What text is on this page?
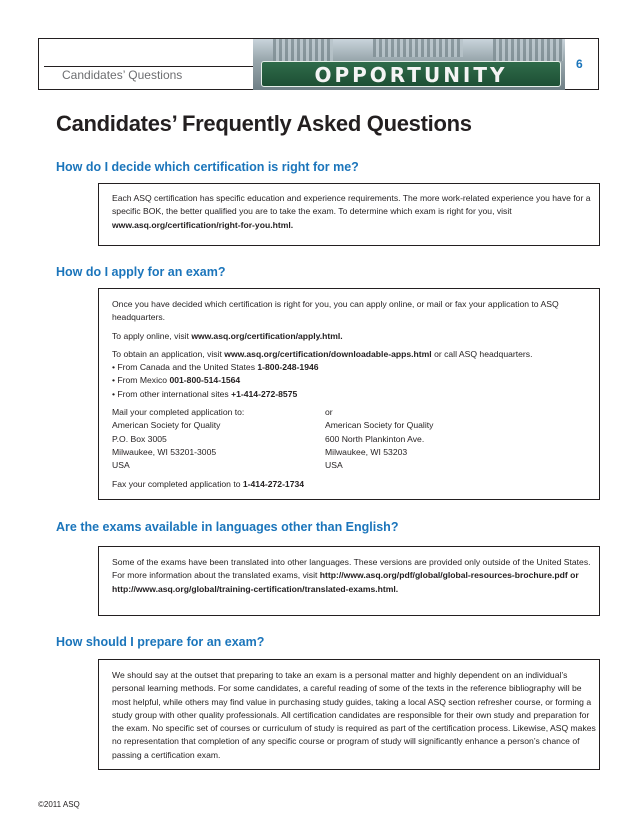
Candidates’ Questions	OPPORTUNITY	6
Candidates’ Frequently Asked Questions
How do I decide which certification is right for me?

Each ASQ certification has specific education and experience requirements. The more work-related experience you have for a specific BOK, the better qualified you are to take the exam. To determine which exam is right for you, visit www.asq.org/certification/right-for-you.html.

How do I apply for an exam?

Once you have decided which certification is right for you, you can apply online, or mail or fax your application to ASQ headquarters.

To apply online, visit www.asq.org/certification/apply.html.

To obtain an application, visit www.asq.org/certification/downloadable-apps.html or call ASQ headquarters.

• From Canada and the United States 1-800-248-1946
• From Mexico 001-800-514-1564
• From other international sites +1-414-272-8575

Mail your completed application to:

American Society for Quality

P.O. Box 3005

Milwaukee, WI 53201-3005

USA

or

American Society for Quality

600 North Plankinton Ave.

Milwaukee, WI 53203

USA

Fax your completed application to 1-414-272-1734

Are the exams available in languages other than English?

Some of the exams have been translated into other languages. These versions are provided only outside of the United States. For more information about the translated exams, visit http://www.asq.org/pdf/global/global-resources-brochure.pdf or http://www.asq.org/global/training-certification/translated-exams.html.

How should I prepare for an exam?

We should say at the outset that preparing to take an exam is a personal matter and highly dependent on an individual’s personal learning methods. For some candidates, a careful reading of some of the texts in the reference bibliography will be most helpful, while others may find value in purchasing study guides, taking a local ASQ section refresher course, or forming a study group with other quality professionals. All certification candidates are responsible for their own study and preparation for the exam. No specific set of courses or curriculum of study is required as part of the certification process. Likewise, ASQ makes no representation that completion of any specific course or program of study will significantly enhance a person’s chance of passing a certification exam.

©2011 ASQ
